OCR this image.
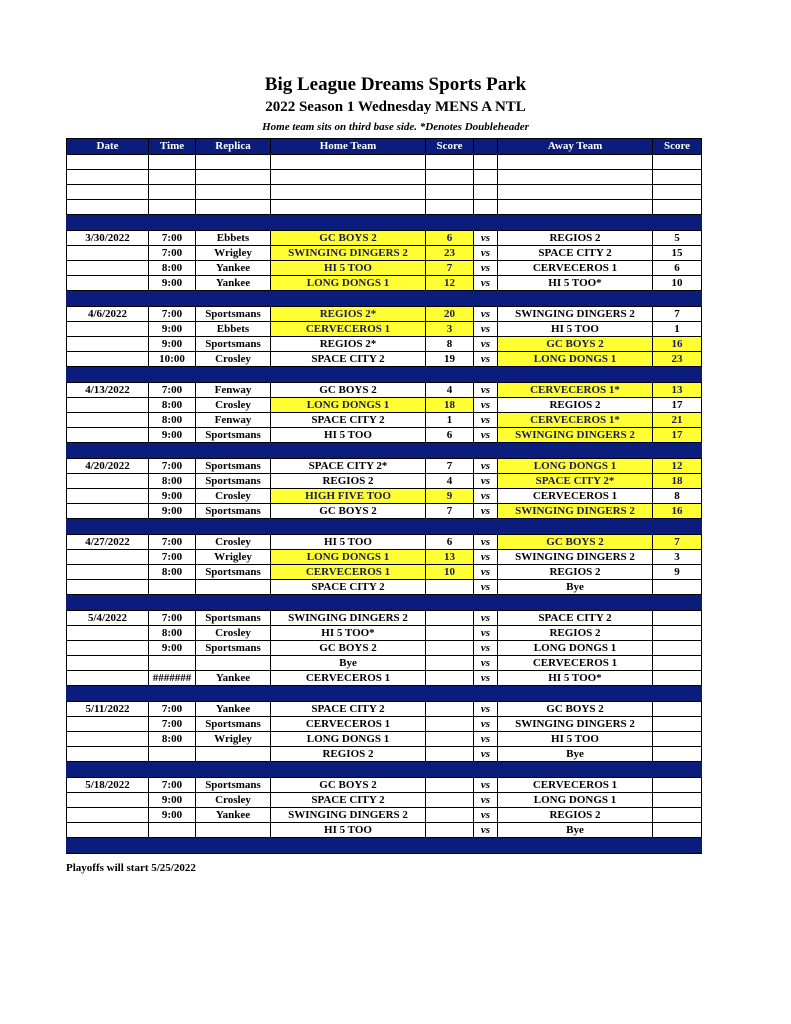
Big League Dreams Sports Park
2022 Season 1 Wednesday MENS A NTL
Home team sits on third base side. *Denotes Doubleheader
Date	Time	Replica	Home Team	Score		Away Team	Score

3/30/2022	7:00	Ebbets	GC BOYS 2	6	vs	REGIOS 2	5
	7:00	Wrigley	SWINGING DINGERS 2	23	vs	SPACE CITY 2	15
	8:00	Yankee	HI 5 TOO	7	vs	CERVECEROS 1	6
	9:00	Yankee	LONG DONGS 1	12	vs	HI 5 TOO*	10

4/6/2022	7:00	Sportsmans	REGIOS 2*	20	vs	SWINGING DINGERS 2	7
	9:00	Ebbets	CERVECEROS 1	3	vs	HI 5 TOO	1
	9:00	Sportsmans	REGIOS 2*	8	vs	GC BOYS 2	16
	10:00	Crosley	SPACE CITY 2	19	vs	LONG DONGS 1	23

4/13/2022	7:00	Fenway	GC BOYS 2	4	vs	CERVECEROS 1*	13
	8:00	Crosley	LONG DONGS 1	18	vs	REGIOS 2	17
	8:00	Fenway	SPACE CITY 2	1	vs	CERVECEROS 1*	21
	9:00	Sportsmans	HI 5 TOO	6	vs	SWINGING DINGERS 2	17

4/20/2022	7:00	Sportsmans	SPACE CITY 2*	7	vs	LONG DONGS 1	12
	8:00	Sportsmans	REGIOS 2	4	vs	SPACE CITY 2*	18
	9:00	Crosley	HIGH FIVE TOO	9	vs	CERVECEROS 1	8
	9:00	Sportsmans	GC BOYS 2	7	vs	SWINGING DINGERS 2	16

4/27/2022	7:00	Crosley	HI 5 TOO	6	vs	GC BOYS 2	7
	7:00	Wrigley	LONG DONGS 1	13	vs	SWINGING DINGERS 2	3
	8:00	Sportsmans	CERVECEROS 1	10	vs	REGIOS 2	9
			SPACE CITY 2		vs	Bye	

5/4/2022	7:00	Sportsmans	SWINGING DINGERS 2		vs	SPACE CITY 2	
	8:00	Crosley	HI 5 TOO*		vs	REGIOS 2	
	9:00	Sportsmans	GC BOYS 2		vs	LONG DONGS 1	
			Bye		vs	CERVECEROS 1	
	#######	Yankee	CERVECEROS 1		vs	HI 5 TOO*	

5/11/2022	7:00	Yankee	SPACE CITY 2		vs	GC BOYS 2	
	7:00	Sportsmans	CERVECEROS 1		vs	SWINGING DINGERS 2	
	8:00	Wrigley	LONG DONGS 1		vs	HI 5 TOO	
			REGIOS 2		vs	Bye	

5/18/2022	7:00	Sportsmans	GC BOYS 2		vs	CERVECEROS 1	
	9:00	Crosley	SPACE CITY 2		vs	LONG DONGS 1	
	9:00	Yankee	SWINGING DINGERS 2		vs	REGIOS 2	
			HI 5 TOO		vs	Bye	

Playoffs will start 5/25/2022
